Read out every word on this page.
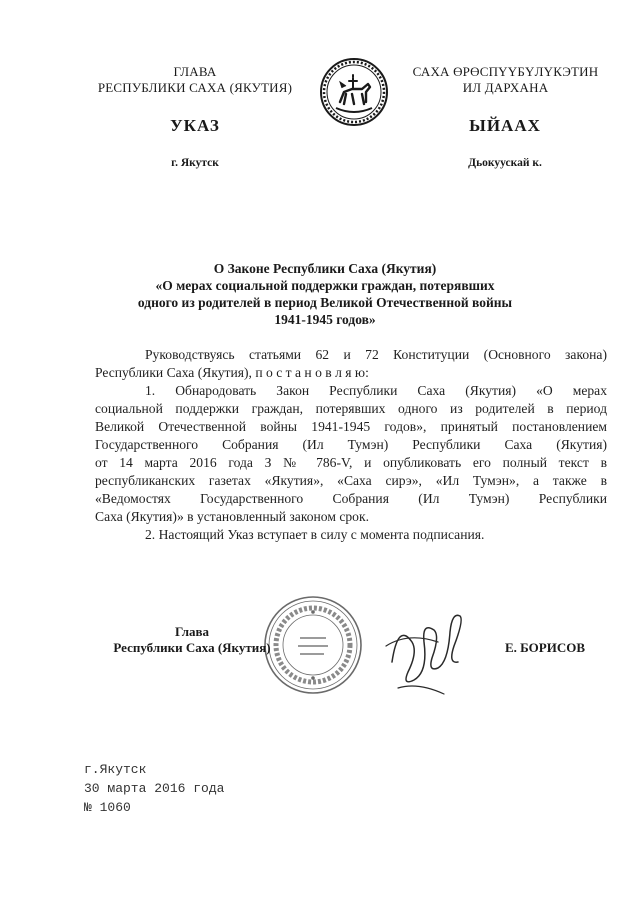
ГЛАВА
РЕСПУБЛИКИ САХА (ЯКУТИЯ)
САХА ӨРӨСПҮҮБҮЛҮКЭТИН
ИЛ ДАРХАНА
УКАЗ	ЫЙААХ
г. Якутск	Дьокуускай к.
О Законе Республики Саха (Якутия)
«О мерах социальной поддержки граждан, потерявших
одного из родителей в период Великой Отечественной войны
1941-1945 годов»
Руководствуясь статьями 62 и 72 Конституции (Основного закона)
Республики Саха (Якутия), п о с т а н о в л я ю:
1. Обнародовать Закон Республики Саха (Якутия) «О мерах
социальной поддержки граждан, потерявших одного из родителей в период
Великой Отечественной войны 1941-1945 годов», принятый постановлением
Государственного Собрания (Ил Тумэн) Республики Саха (Якутия)
от 14 марта 2016 года З № 786-V, и опубликовать его полный текст в
республиканских газетах «Якутия», «Саха сирэ», «Ил Тумэн», а также в
«Ведомостях Государственного Собрания (Ил Тумэн) Республики
Саха (Якутия)» в установленный законом срок.
2. Настоящий Указ вступает в силу с момента подписания.
Глава
Республики Саха (Якутия)	Е. БОРИСОВ
г.Якутск
30 марта 2016 года
№ 1060
